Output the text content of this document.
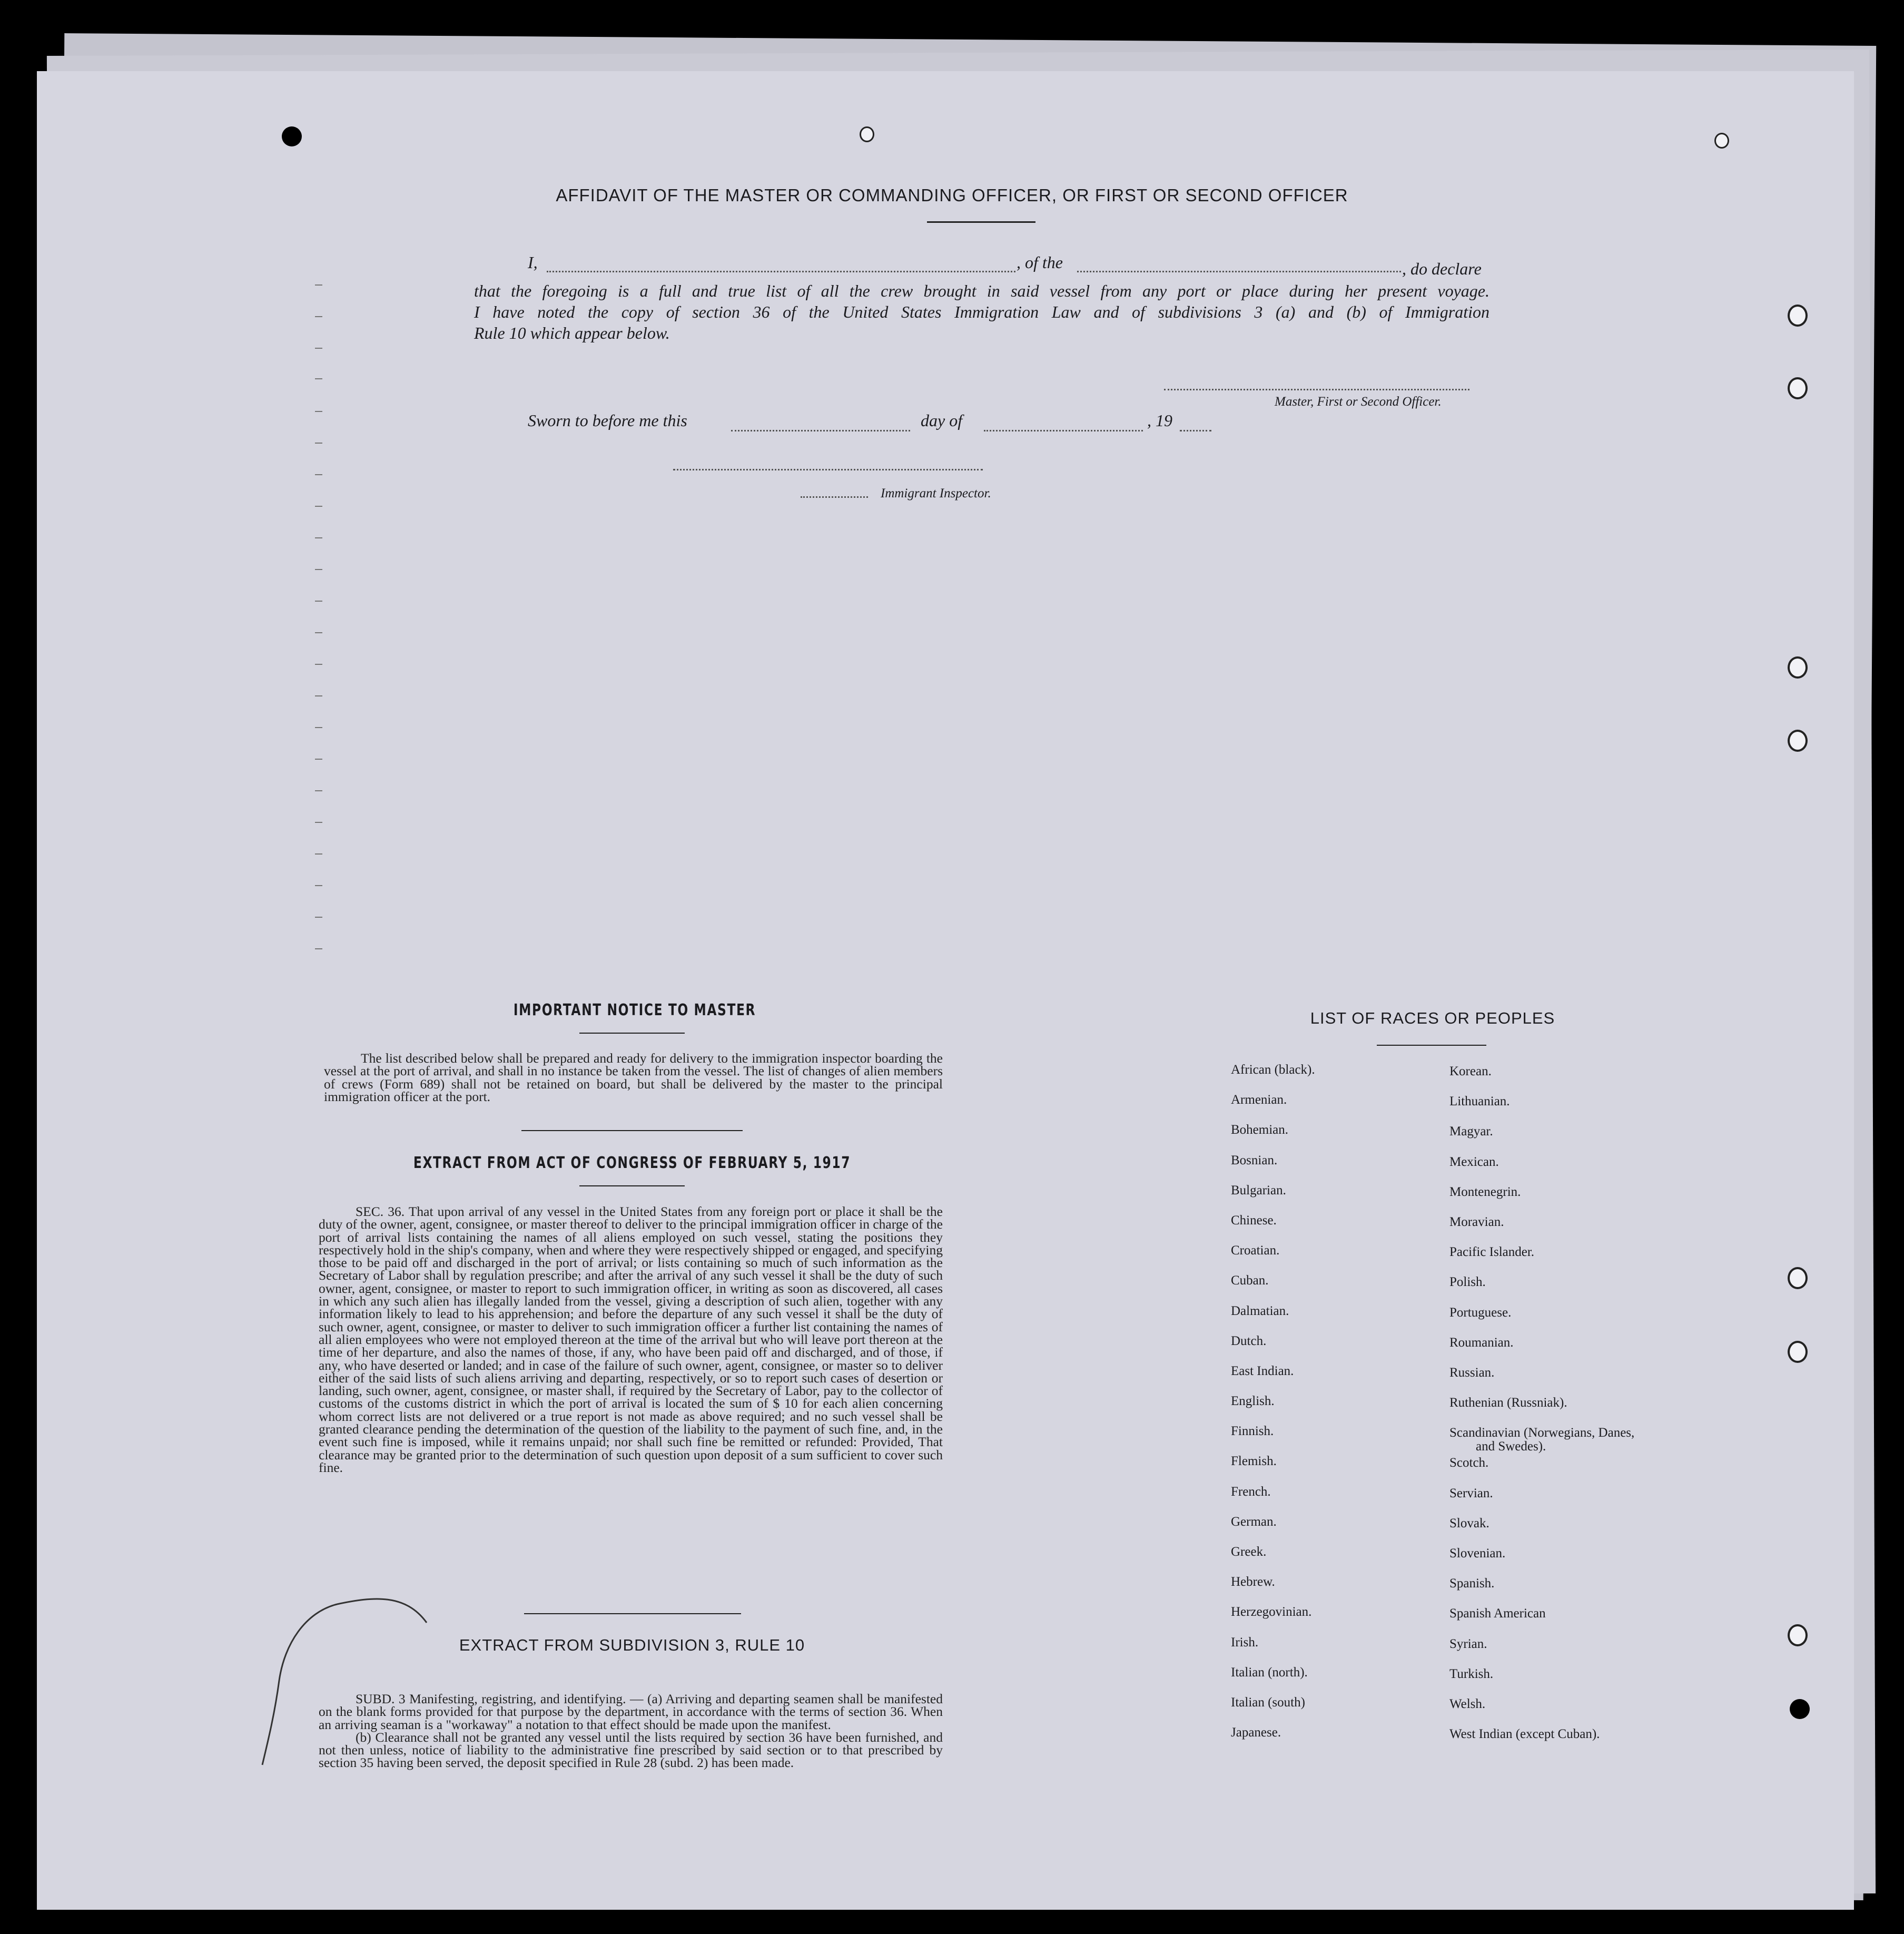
AFFIDAVIT OF THE MASTER OR COMMANDING OFFICER, OR FIRST OR SECOND OFFICER
I,	, of the	, do declare
that the foregoing is a full and true list of all the crew brought in said vessel from any port or place during her present voyage.
I have noted the copy of section 36 of the United States Immigration Law and of subdivisions 3 (a) and (b) of Immigration
Rule 10 which appear below.
Master, First or Second Officer.
Sworn to before me this	day of	, 19
Immigrant Inspector.
IMPORTANT NOTICE TO MASTER

The list described below shall be prepared and ready for delivery to the immigration inspector boarding the vessel at the port of arrival, and shall in no instance be taken from the vessel. The list of changes of alien members of crews (Form 689) shall not be retained on board, but shall be delivered by the master to the principal immigration officer at the port.

EXTRACT FROM ACT OF CONGRESS OF FEBRUARY 5, 1917

SEC. 36. That upon arrival of any vessel in the United States from any foreign port or place it shall be the duty of the owner, agent, consignee, or master thereof to deliver to the principal immigration officer in charge of the port of arrival lists containing the names of all aliens employed on such vessel, stating the positions they respectively hold in the ship's company, when and where they were respectively shipped or engaged, and specifying those to be paid off and discharged in the port of arrival; or lists containing so much of such information as the Secretary of Labor shall by regulation prescribe; and after the arrival of any such vessel it shall be the duty of such owner, agent, consignee, or master to report to such immigration officer, in writing as soon as discovered, all cases in which any such alien has illegally landed from the vessel, giving a description of such alien, together with any information likely to lead to his apprehension; and before the departure of any such vessel it shall be the duty of such owner, agent, consignee, or master to deliver to such immigration officer a further list containing the names of all alien employees who were not employed thereon at the time of the arrival but who will leave port thereon at the time of her departure, and also the names of those, if any, who have been paid off and discharged, and of those, if any, who have deserted or landed; and in case of the failure of such owner, agent, consignee, or master so to deliver either of the said lists of such aliens arriving and departing, respectively, or so to report such cases of desertion or landing, such owner, agent, consignee, or master shall, if required by the Secretary of Labor, pay to the collector of customs of the customs district in which the port of arrival is located the sum of $ 10 for each alien concerning whom correct lists are not delivered or a true report is not made as above required; and no such vessel shall be granted clearance pending the determination of the question of the liability to the payment of such fine, and, in the event such fine is imposed, while it remains unpaid; nor shall such fine be remitted or refunded: Provided, That clearance may be granted prior to the determination of such question upon deposit of a sum sufficient to cover such fine.

EXTRACT FROM SUBDIVISION 3, RULE 10

SUBD. 3 Manifesting, registring, and identifying. — (a) Arriving and departing seamen shall be manifested on the blank forms provided for that purpose by the department, in accordance with the terms of section 36. When an arriving seaman is a "workaway" a notation to that effect should be made upon the manifest.

(b) Clearance shall not be granted any vessel until the lists required by section 36 have been furnished, and not then unless, notice of liability to the administrative fine prescribed by said section or to that prescribed by section 35 having been served, the deposit specified in Rule 28 (subd. 2) has been made.

LIST OF RACES OR PEOPLES
African (black).
Armenian.
Bohemian.
Bosnian.
Bulgarian.
Chinese.
Croatian.
Cuban.
Dalmatian.
Dutch.
East Indian.
English.
Finnish.
Flemish.
French.
German.
Greek.
Hebrew.
Herzegovinian.
Irish.
Italian (north).
Italian (south)
Japanese.
Korean.
Lithuanian.
Magyar.
Mexican.
Montenegrin.
Moravian.
Pacific Islander.
Polish.
Portuguese.
Roumanian.
Russian.
Ruthenian (Russniak).
Scandinavian (Norwegians, Danes, and Swedes).
Scotch.
Servian.
Slovak.
Slovenian.
Spanish.
Spanish American
Syrian.
Turkish.
Welsh.
West Indian (except Cuban).
